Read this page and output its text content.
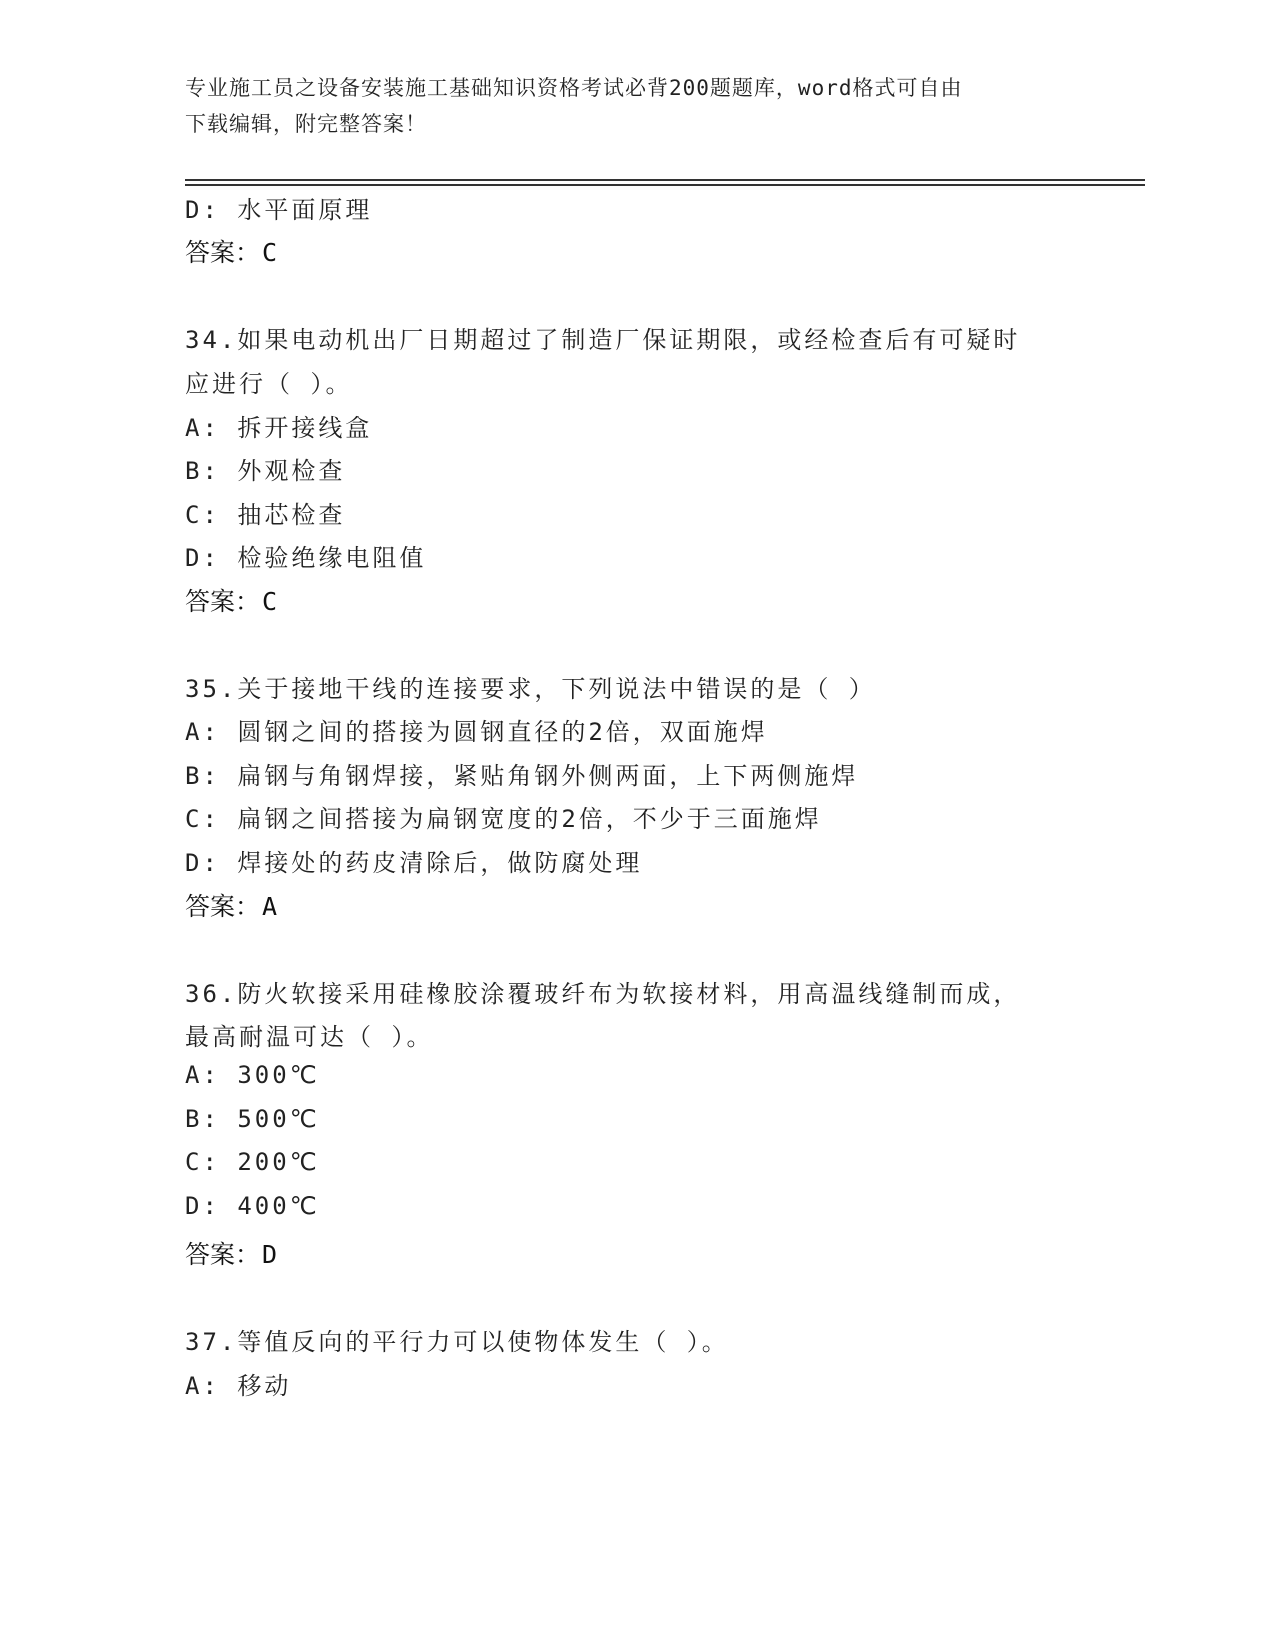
专业施工员之设备安装施工基础知识资格考试必背200题题库，word格式可自由
下载编辑，附完整答案！
D: 水平面原理
答案：C
34.如果电动机出厂日期超过了制造厂保证期限，或经检查后有可疑时
应进行（ ）。
A: 拆开接线盒
B: 外观检查
C: 抽芯检查
D: 检验绝缘电阻值
答案：C
35.关于接地干线的连接要求，下列说法中错误的是（ ）
A: 圆钢之间的搭接为圆钢直径的2倍，双面施焊
B: 扁钢与角钢焊接，紧贴角钢外侧两面，上下两侧施焊
C: 扁钢之间搭接为扁钢宽度的2倍，不少于三面施焊
D: 焊接处的药皮清除后，做防腐处理
答案：A
36.防火软接采用硅橡胶涂覆玻纤布为软接材料，用高温线缝制而成，
最高耐温可达（ ）。
A: 300℃
B: 500℃
C: 200℃
D: 400℃
答案：D
37.等值反向的平行力可以使物体发生（ ）。
A: 移动
